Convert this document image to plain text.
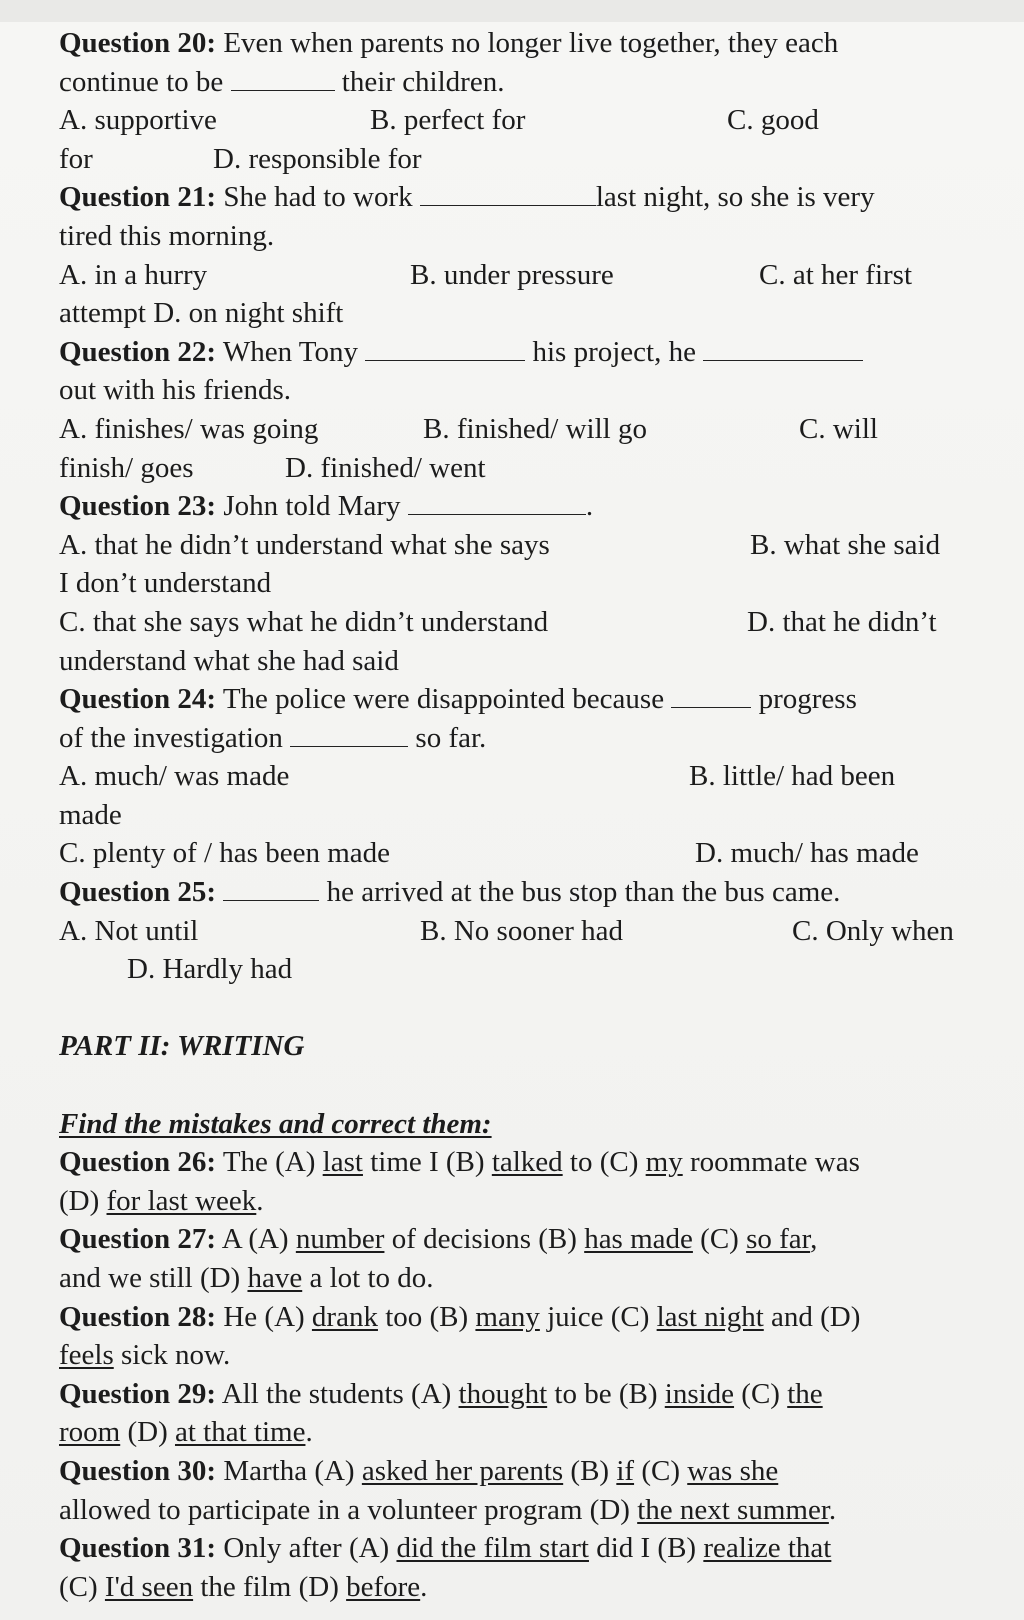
Question 20: Even when parents no longer live together, they each
continue to be	their children.
A. supportive	B. perfect for	C. good
for	D. responsible for
Question 21: She had to work	last night, so she is very
tired this morning.
A. in a hurry	B. under pressure	C. at her first
attempt D. on night shift
Question 22: When Tony	his project, he
out with his friends.
A. finishes/ was going	B. finished/ will go	C. will
finish/ goes	D. finished/ went
Question 23: John told Mary	.
A. that he didn’t understand what she says	B. what she said
I don’t understand
C. that she says what he didn’t understand	D. that he didn’t
understand what she had said
Question 24: The police were disappointed because	progress
of the investigation	so far.
A. much/ was made	B. little/ had been
made
C. plenty of / has been made	D. much/ has made
Question 25:	he arrived at the bus stop than the bus came.
A. Not until	B. No sooner had	C. Only when
D. Hardly had
PART II: WRITING
Find the mistakes and correct them:
Question 26: The (A) last time I (B) talked to (C) my roommate was
(D) for last week.
Question 27: A (A) number of decisions (B) has made (C) so far,
and we still (D) have a lot to do.
Question 28: He (A) drank too (B) many juice (C) last night and (D)
feels sick now.
Question 29: All the students (A) thought to be (B) inside (C) the
room (D) at that time.
Question 30: Martha (A) asked her parents (B) if (C) was she
allowed to participate in a volunteer program (D) the next summer.
Question 31: Only after (A) did the film start did I (B) realize that
(C) I'd seen the film (D) before.
